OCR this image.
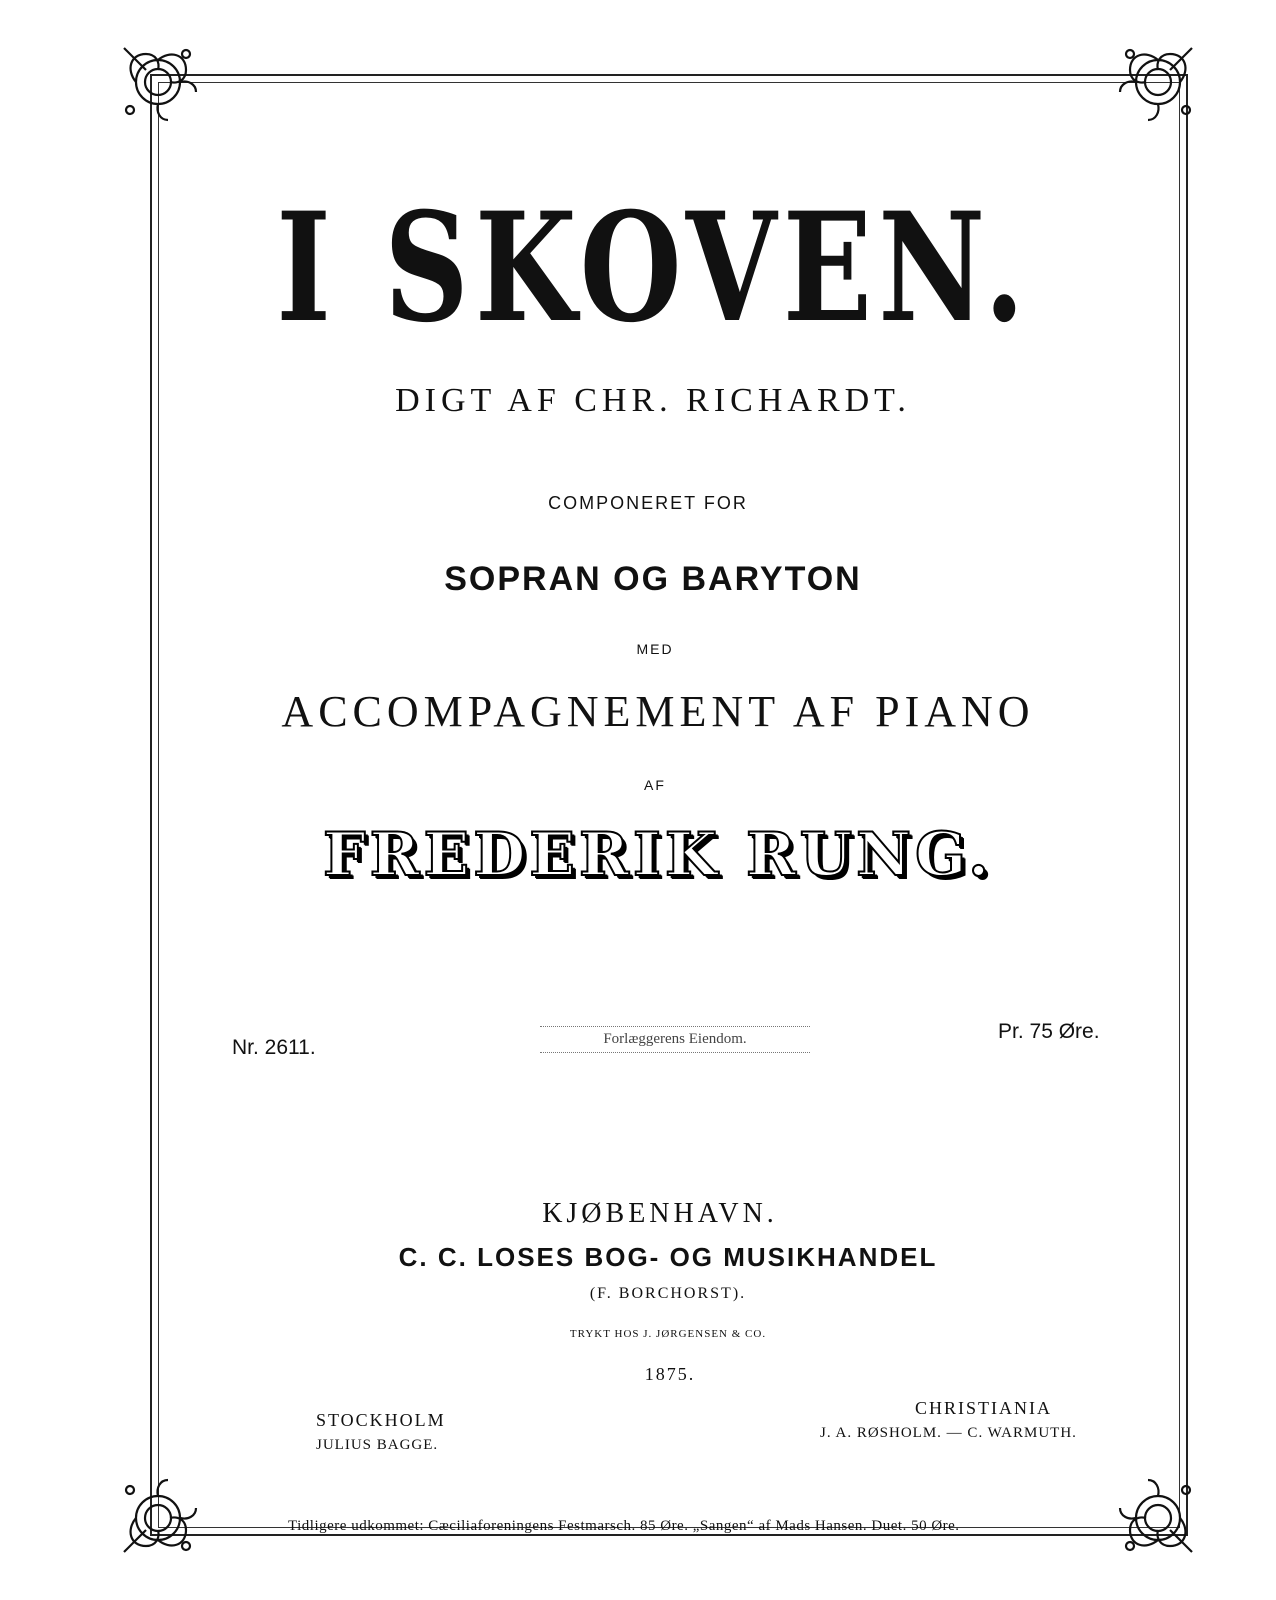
I SKOVEN.
DIGT AF CHR. RICHARDT.
COMPONERET FOR
SOPRAN OG BARYTON
MED
ACCOMPAGNEMENT AF PIANO
AF
FREDERIK RUNG.
Nr. 2611.	Forlæggerens Eiendom.	Pr. 75 Øre.
KJØBENHAVN.
C. C. LOSES BOG- OG MUSIKHANDEL
(F. BORCHORST).
TRYKT HOS J. JØRGENSEN & CO.
1875.
STOCKHOLM
JULIUS BAGGE.
CHRISTIANIA
J. A. RØSHOLM. — C. WARMUTH.
Tidligere udkommet: Cæciliaforeningens Festmarsch. 85 Øre. „Sangen“ af Mads Hansen. Duet. 50 Øre.
